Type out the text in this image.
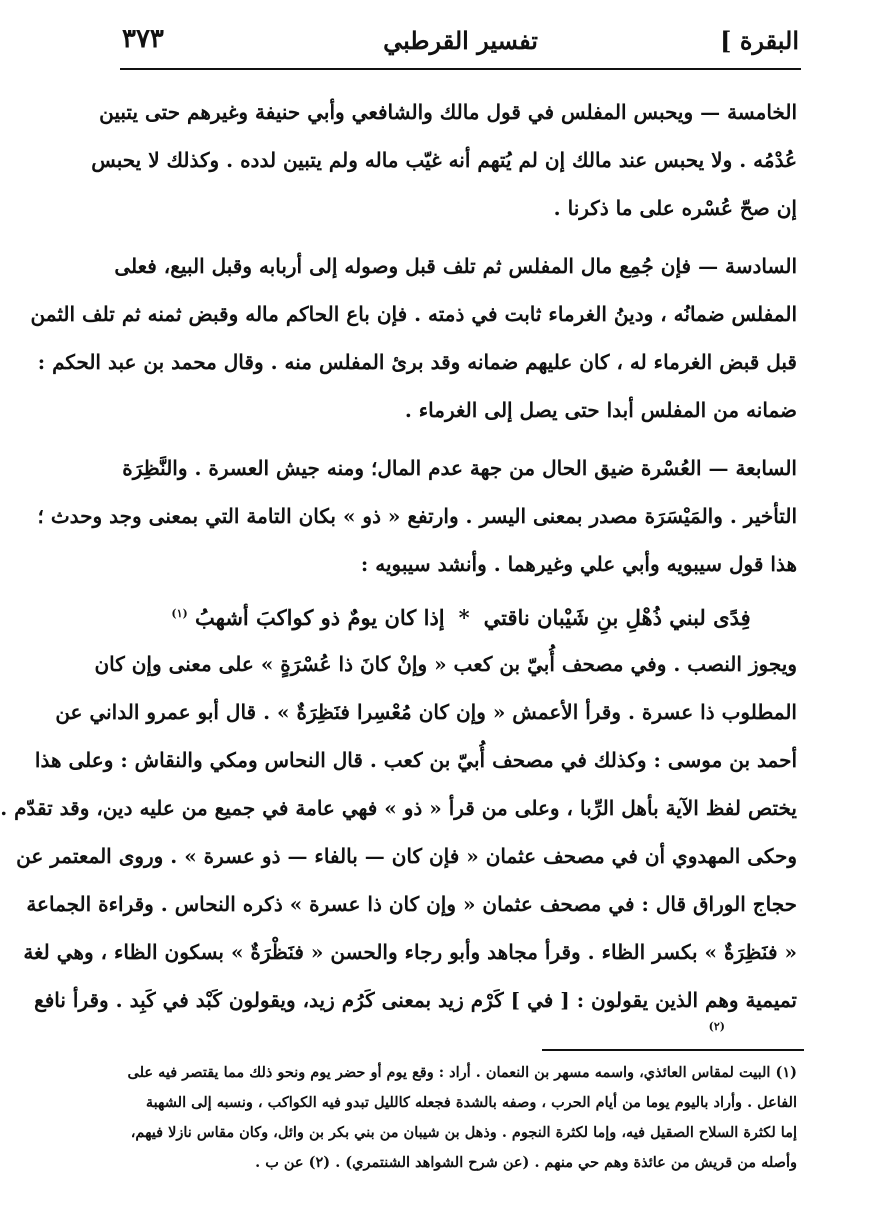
البقرة ]
تفسير القرطبي
٣٧٣

الخامسة — ويحبس المفلس في قول مالك والشافعي وأبي حنيفة وغيرهم حتى يتبين
عُدْمُه . ولا يحبس عند مالك إن لم يُتهم أنه غيّب ماله ولم يتبين لدده . وكذلك لا يحبس
إن صحّ عُسْره على ما ذكرنا .

السادسة — فإن جُمِع مال المفلس ثم تلف قبل وصوله إلى أربابه وقبل البيع، فعلى
المفلس ضمانُه ، ودينُ الغرماء ثابت في ذمته . فإن باع الحاكم ماله وقبض ثمنه ثم تلف الثمن
قبل قبض الغرماء له ، كان عليهم ضمانه وقد برئ المفلس منه . وقال محمد بن عبد الحكم :
ضمانه من المفلس أبدا حتى يصل إلى الغرماء .

السابعة — العُسْرة ضيق الحال من جهة عدم المال؛ ومنه جيش العسرة . والنَّظِرَة
التأخير . والمَيْسَرَة مصدر بمعنى اليسر . وارتفع « ذو » بكان التامة التي بمعنى وجد وحدث ؛
هذا قول سيبويه وأبي علي وغيرهما . وأنشد سيبويه :

فِدًى لبني ذُهْلِ بنِ شَيْبان ناقتي*إذا كان يومٌ ذو كواكبَ أشهبُ $^{(١)}$

ويجوز النصب . وفي مصحف أُبيّ بن كعب « وإنْ كانَ ذا عُسْرَةٍ » على معنى وإن كان
المطلوب ذا عسرة . وقرأ الأعمش « وإن كان مُعْسِرا فنَظِرَةٌ » . قال أبو عمرو الداني عن
أحمد بن موسى : وكذلك في مصحف أُبيّ بن كعب . قال النحاس ومكي والنقاش : وعلى هذا
يختص لفظ الآية بأهل الرِّبا ، وعلى من قرأ « ذو » فهي عامة في جميع من عليه دين، وقد تقدّم .
وحكى المهدوي أن في مصحف عثمان « فإن كان — بالفاء — ذو عسرة » . وروى المعتمر عن
حجاج الوراق قال : في مصحف عثمان « وإن كان ذا عسرة » ذكره النحاس . وقراءة الجماعة
« فنَظِرَةٌ » بكسر الظاء . وقرأ مجاهد وأبو رجاء والحسن « فنَظْرَةٌ » بسكون الظاء ، وهي لغة
تميمية وهم الذين يقولون : [ في ] كَرْم زيد بمعنى كَرُم زيد، ويقولون كَبْد في كَبِد . وقرأ نافع

(٢)
(١) البيت لمقاس العائذي، واسمه مسهر بن النعمان . أراد : وقع يوم أو حضر يوم ونحو ذلك مما يقتصر فيه على
الفاعل . وأراد باليوم يوما من أيام الحرب ، وصفه بالشدة فجعله كالليل تبدو فيه الكواكب ، ونسبه إلى الشهبة
إما لكثرة السلاح الصقيل فيه، وإما لكثرة النجوم . وذهل بن شيبان من بني بكر بن وائل، وكان مقاس نازلا فيهم،
وأصله من قريش من عائذة وهم حي منهم . (عن شرح الشواهد الشنتمري) . (٢) عن ب .
